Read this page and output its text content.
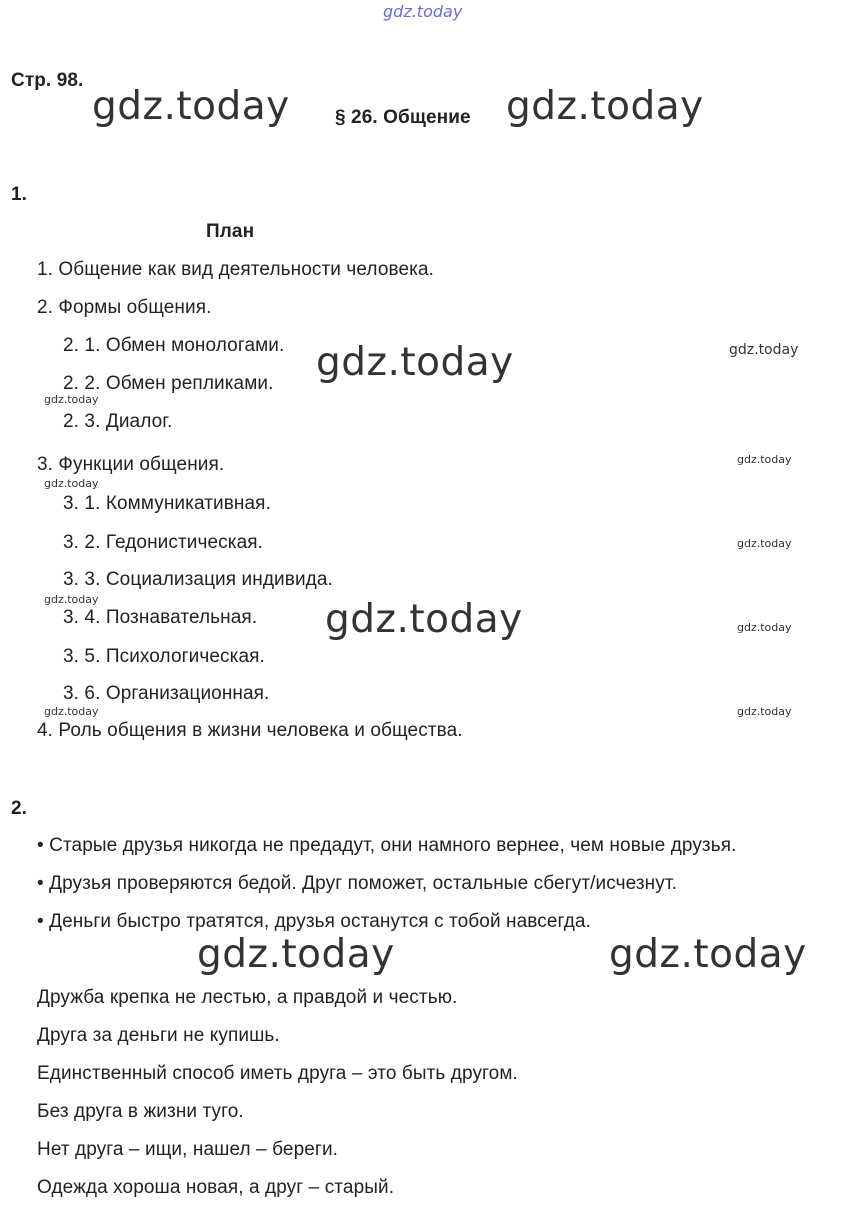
gdz.today
Стр. 98.
gdz.today § 26. Общение gdz.today
1.
План
1. Общение как вид деятельности человека.
2. Формы общения.
2. 1. Обмен монологами. gdz.today	gdz.today
2. 2. Обмен репликами.
gdz.today
2. 3. Диалог.
3. Функции общения.	gdz.today
gdz.today
3. 1. Коммуникативная.
3. 2. Гедонистическая.	gdz.today
3. 3. Социализация индивида.
gdz.today
3. 4. Познавательная. gdz.today	gdz.today
3. 5. Психологическая.
3. 6. Организационная.
gdz.today	gdz.today
4. Роль общения в жизни человека и общества.
2.
• Старые друзья никогда не предадут, они намного вернее, чем новые друзья.
• Друзья проверяются бедой. Друг поможет, остальные сбегут/исчезнут.
• Деньги быстро тратятся, друзья останутся с тобой навсегда.
gdz.today	gdz.today
Дружба крепка не лестью, а правдой и честью.
Друга за деньги не купишь.
Единственный способ иметь друга – это быть другом.
Без друга в жизни туго.
Нет друга – ищи, нашел – береги.
Одежда хороша новая, а друг – старый.
